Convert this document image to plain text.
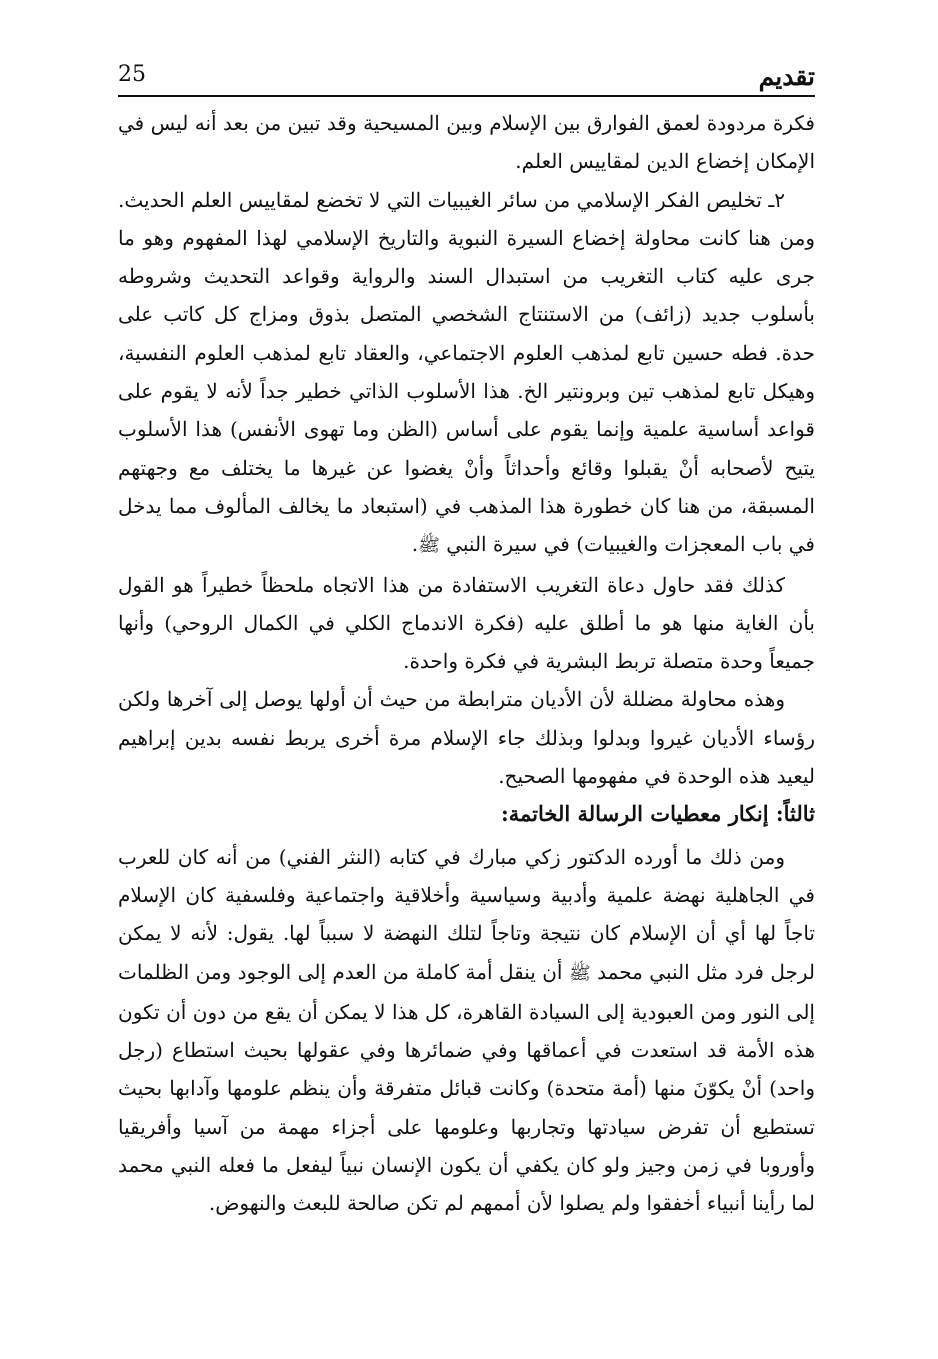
تقديم
25

فكرة مردودة لعمق الفوارق بين الإسلام وبين المسيحية وقد تبين من بعد أنه ليس في الإمكان إخضاع الدين لمقاييس العلم.

٢ـ تخليص الفكر الإسلامي من سائر الغيبيات التي لا تخضع لمقاييس العلم الحديث. ومن هنا كانت محاولة إخضاع السيرة النبوية والتاريخ الإسلامي لهذا المفهوم وهو ما جرى عليه كتاب التغريب من استبدال السند والرواية وقواعد التحديث وشروطه بأسلوب جديد (زائف) من الاستنتاج الشخصي المتصل بذوق ومزاج كل كاتب على حدة. فطه حسين تابع لمذهب العلوم الاجتماعي، والعقاد تابع لمذهب العلوم النفسية، وهيكل تابع لمذهب تين وبرونتير الخ. هذا الأسلوب الذاتي خطير جداً لأنه لا يقوم على قواعد أساسية علمية وإنما يقوم على أساس (الظن وما تهوى الأنفس) هذا الأسلوب يتيح لأصحابه أنْ يقبلوا وقائع وأحداثاً وأنْ يغضوا عن غيرها ما يختلف مع وجهتهم المسبقة، من هنا كان خطورة هذا المذهب في (استبعاد ما يخالف المألوف مما يدخل في باب المعجزات والغيبيات) في سيرة النبي ﷺ.

كذلك فقد حاول دعاة التغريب الاستفادة من هذا الاتجاه ملحظاً خطيراً هو القول بأن الغاية منها هو ما أطلق عليه (فكرة الاندماج الكلي في الكمال الروحي) وأنها جميعاً وحدة متصلة تربط البشرية في فكرة واحدة.

وهذه محاولة مضللة لأن الأديان مترابطة من حيث أن أولها يوصل إلى آخرها ولكن رؤساء الأديان غيروا وبدلوا وبذلك جاء الإسلام مرة أخرى يربط نفسه بدين إبراهيم ليعيد هذه الوحدة في مفهومها الصحيح.

ثالثاً: إنكار معطيات الرسالة الخاتمة:

ومن ذلك ما أورده الدكتور زكي مبارك في كتابه (النثر الفني) من أنه كان للعرب في الجاهلية نهضة علمية وأدبية وسياسية وأخلاقية واجتماعية وفلسفية كان الإسلام تاجاً لها أي أن الإسلام كان نتيجة وتاجاً لتلك النهضة لا سبباً لها. يقول: لأنه لا يمكن لرجل فرد مثل النبي محمد ﷺ أن ينقل أمة كاملة من العدم إلى الوجود ومن الظلمات إلى النور ومن العبودية إلى السيادة القاهرة، كل هذا لا يمكن أن يقع من دون أن تكون هذه الأمة قد استعدت في أعماقها وفي ضمائرها وفي عقولها بحيث استطاع (رجل واحد) أنْ يكوّنَ منها (أمة متحدة) وكانت قبائل متفرقة وأن ينظم علومها وآدابها بحيث تستطيع أن تفرض سيادتها وتجاربها وعلومها على أجزاء مهمة من آسيا وأفريقيا وأوروبا في زمن وجيز ولو كان يكفي أن يكون الإنسان نبياً ليفعل ما فعله النبي محمد لما رأينا أنبياء أخفقوا ولم يصلوا لأن أممهم لم تكن صالحة للبعث والنهوض.
